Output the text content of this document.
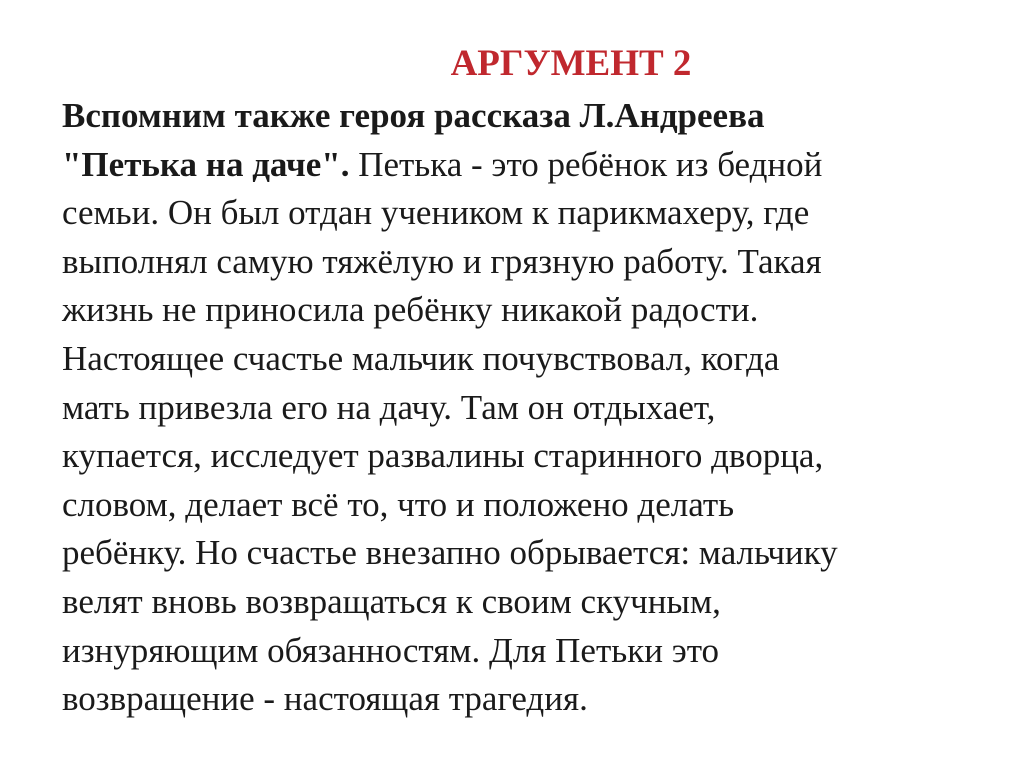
АРГУМЕНТ 2
Вспомним также героя рассказа Л.Андреева
"Петька на даче". Петька - это ребёнок из бедной
семьи. Он был отдан учеником к парикмахеру, где
выполнял самую тяжёлую и грязную работу. Такая
жизнь не приносила ребёнку никакой радости.
Настоящее счастье мальчик почувствовал, когда
мать привезла его на дачу. Там он отдыхает,
купается, исследует развалины старинного дворца,
словом, делает всё то, что и положено делать
ребёнку. Но счастье внезапно обрывается: мальчику
велят вновь возвращаться к своим скучным,
изнуряющим обязанностям. Для Петьки это
возвращение - настоящая трагедия.
